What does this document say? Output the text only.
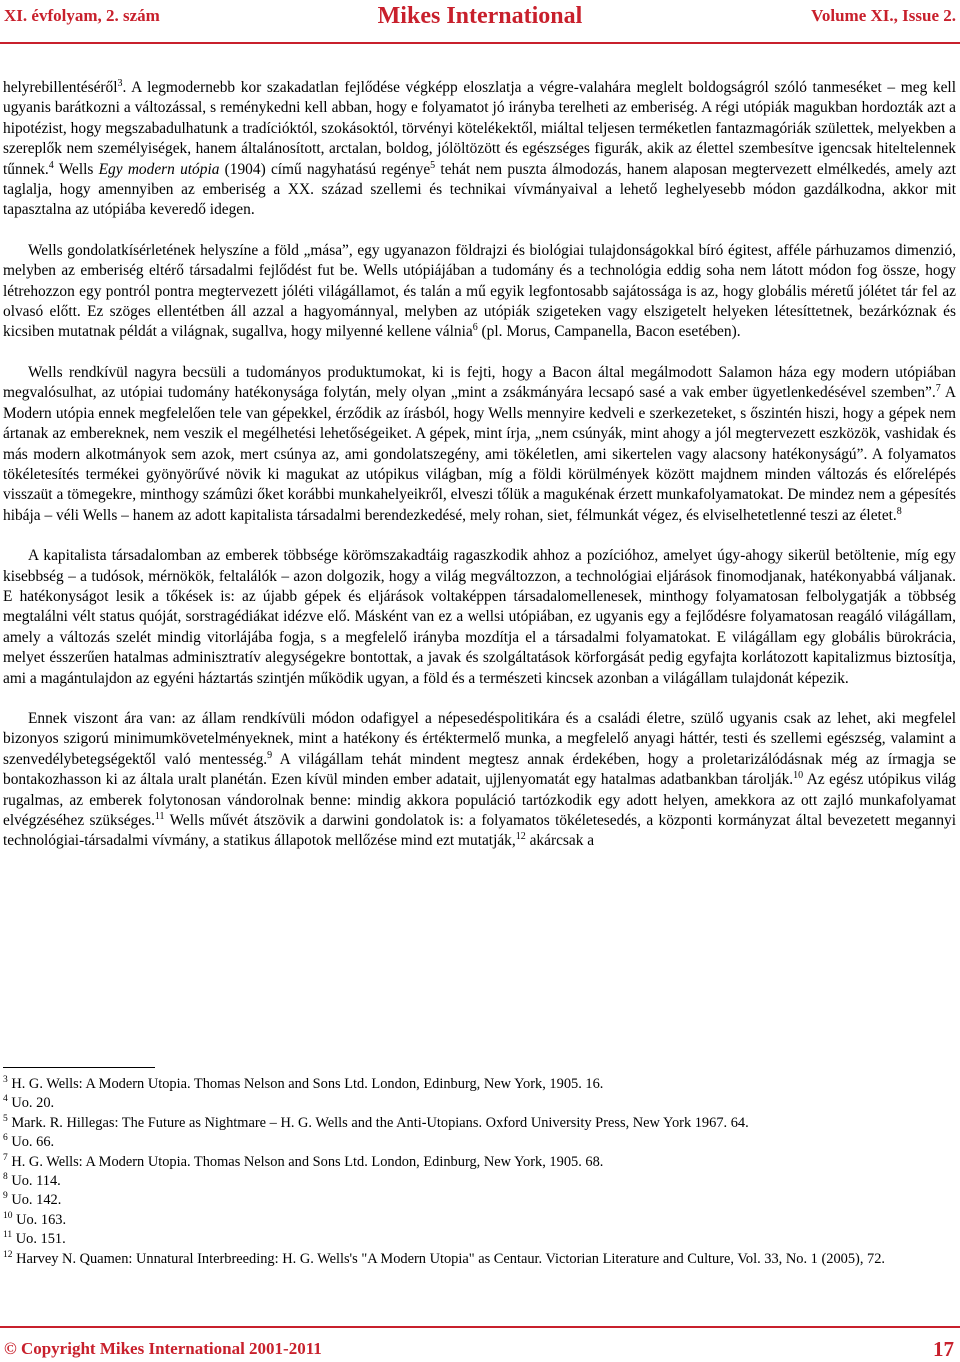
XI. évfolyam, 2. szám	Mikes International	Volume XI., Issue 2.

helyrebillentéséről$^3$. A legmodernebb kor szakadatlan fejlődése végképp eloszlatja a végre-valahára meglelt boldogságról szóló tanmeséket – meg kell ugyanis barátkozni a változással, s reménykedni kell abban, hogy e folyamatot jó irányba terelheti az emberiség. A régi utópiák magukban hordozták azt a hipotézist, hogy megszabadulhatunk a tradícióktól, szokásoktól, törvényi kötelékektől, miáltal teljesen terméketlen fantazmagóriák születtek, melyekben a szereplők nem személyiségek, hanem általánosított, arctalan, boldog, jólöltözött és egészséges figurák, akik az élettel szembesítve igencsak hiteltelennek tűnnek.$^4$ Wells Egy modern utópia (1904) című nagyhatású regénye$^5$ tehát nem puszta álmodozás, hanem alaposan megtervezett elmélkedés, amely azt taglalja, hogy amennyiben az emberiség a XX. század szellemi és technikai vívmányaival a lehető leghelyesebb módon gazdálkodna, akkor mit tapasztalna az utópiába keveredő idegen.

Wells gondolatkísérletének helyszíne a föld „mása”, egy ugyanazon földrajzi és biológiai tulajdonságokkal bíró égitest, afféle párhuzamos dimenzió, melyben az emberiség eltérő társadalmi fejlődést fut be. Wells utópiájában a tudomány és a technológia eddig soha nem látott módon fog össze, hogy létrehozzon egy pontról pontra megtervezett jóléti világállamot, és talán a mű egyik legfontosabb sajátossága is az, hogy globális méretű jólétet tár fel az olvasó előtt. Ez szöges ellentétben áll azzal a hagyománnyal, melyben az utópiák szigeteken vagy elszigetelt helyeken létesíttetnek, bezárkóznak és kicsiben mutatnak példát a világnak, sugallva, hogy milyenné kellene válnia$^6$ (pl. Morus, Campanella, Bacon esetében).

Wells rendkívül nagyra becsüli a tudományos produktumokat, ki is fejti, hogy a Bacon által megálmodott Salamon háza egy modern utópiában megvalósulhat, az utópiai tudomány hatékonysága folytán, mely olyan „mint a zsákmányára lecsapó sasé a vak ember ügyetlenkedésével szemben”.$^7$ A Modern utópia ennek megfelelően tele van gépekkel, érződik az írásból, hogy Wells mennyire kedveli e szerkezeteket, s őszintén hiszi, hogy a gépek nem ártanak az embereknek, nem veszik el megélhetési lehetőségeiket. A gépek, mint írja, „nem csúnyák, mint ahogy a jól megtervezett eszközök, vashidak és más modern alkotmányok sem azok, mert csúnya az, ami gondolatszegény, ami tökéletlen, ami sikertelen vagy alacsony hatékonyságú”. A folyamatos tökéletesítés termékei gyönyörűvé növik ki magukat az utópikus világban, míg a földi körülmények között majdnem minden változás és előrelépés visszaüt a tömegekre, minthogy számûzi őket korábbi munkahelyeikről, elveszi tőlük a magukénak érzett munkafolyamatokat. De mindez nem a gépesítés hibája – véli Wells – hanem az adott kapitalista társadalmi berendezkedésé, mely rohan, siet, félmunkát végez, és elviselhetetlenné teszi az életet.$^8$

A kapitalista társadalomban az emberek többsége körömszakadtáig ragaszkodik ahhoz a pozícióhoz, amelyet úgy-ahogy sikerül betöltenie, míg egy kisebbség – a tudósok, mérnökök, feltalálók – azon dolgozik, hogy a világ megváltozzon, a technológiai eljárások finomodjanak, hatékonyabbá váljanak. E hatékonyságot lesik a tőkések is: az újabb gépek és eljárások voltaképpen társadalomellenesek, minthogy folyamatosan felbolygatják a többség megtalálni vélt status quóját, sorstragédiákat idézve elő. Másként van ez a wellsi utópiában, ez ugyanis egy a fejlődésre folyamatosan reagáló világállam, amely a változás szelét mindig vitorlájába fogja, s a megfelelő irányba mozdítja el a társadalmi folyamatokat. E világállam egy globális bürokrácia, melyet ésszerűen hatalmas adminisztratív alegységekre bontottak, a javak és szolgáltatások körforgását pedig egyfajta korlátozott kapitalizmus biztosítja, ami a magántulajdon az egyéni háztartás szintjén működik ugyan, a föld és a természeti kincsek azonban a világállam tulajdonát képezik.

Ennek viszont ára van: az állam rendkívüli módon odafigyel a népesedéspolitikára és a családi életre, szülő ugyanis csak az lehet, aki megfelel bizonyos szigorú minimumkövetelményeknek, mint a hatékony és értéktermelő munka, a megfelelő anyagi háttér, testi és szellemi egészség, valamint a szenvedélybetegségektől való mentesség.$^9$ A világállam tehát mindent megtesz annak érdekében, hogy a proletarizálódásnak még az írmagja se bontakozhasson ki az általa uralt planétán. Ezen kívül minden ember adatait, ujjlenyomatát egy hatalmas adatbankban tárolják.$^{10}$ Az egész utópikus világ rugalmas, az emberek folytonosan vándorolnak benne: mindig akkora populáció tartózkodik egy adott helyen, amekkora az ott zajló munkafolyamat elvégzéséhez szükséges.$^{11}$ Wells művét átszövik a darwini gondolatok is: a folyamatos tökéletesedés, a központi kormányzat által bevezetett megannyi technológiai-társadalmi vívmány, a statikus állapotok mellőzése mind ezt mutatják,$^{12}$ akárcsak a

$^3$ H. G. Wells: A Modern Utopia. Thomas Nelson and Sons Ltd. London, Edinburg, New York, 1905. 16.
$^4$ Uo. 20.
$^5$ Mark. R. Hillegas: The Future as Nightmare – H. G. Wells and the Anti-Utopians. Oxford University Press, New York 1967. 64.
$^6$ Uo. 66.
$^7$ H. G. Wells: A Modern Utopia. Thomas Nelson and Sons Ltd. London, Edinburg, New York, 1905. 68.
$^8$ Uo. 114.
$^9$ Uo. 142.
$^{10}$ Uo. 163.
$^{11}$ Uo. 151.
$^{12}$ Harvey N. Quamen: Unnatural Interbreeding: H. G. Wells's "A Modern Utopia" as Centaur. Victorian Literature and Culture, Vol. 33, No. 1 (2005), 72.
© Copyright Mikes International 2001-2011	17
